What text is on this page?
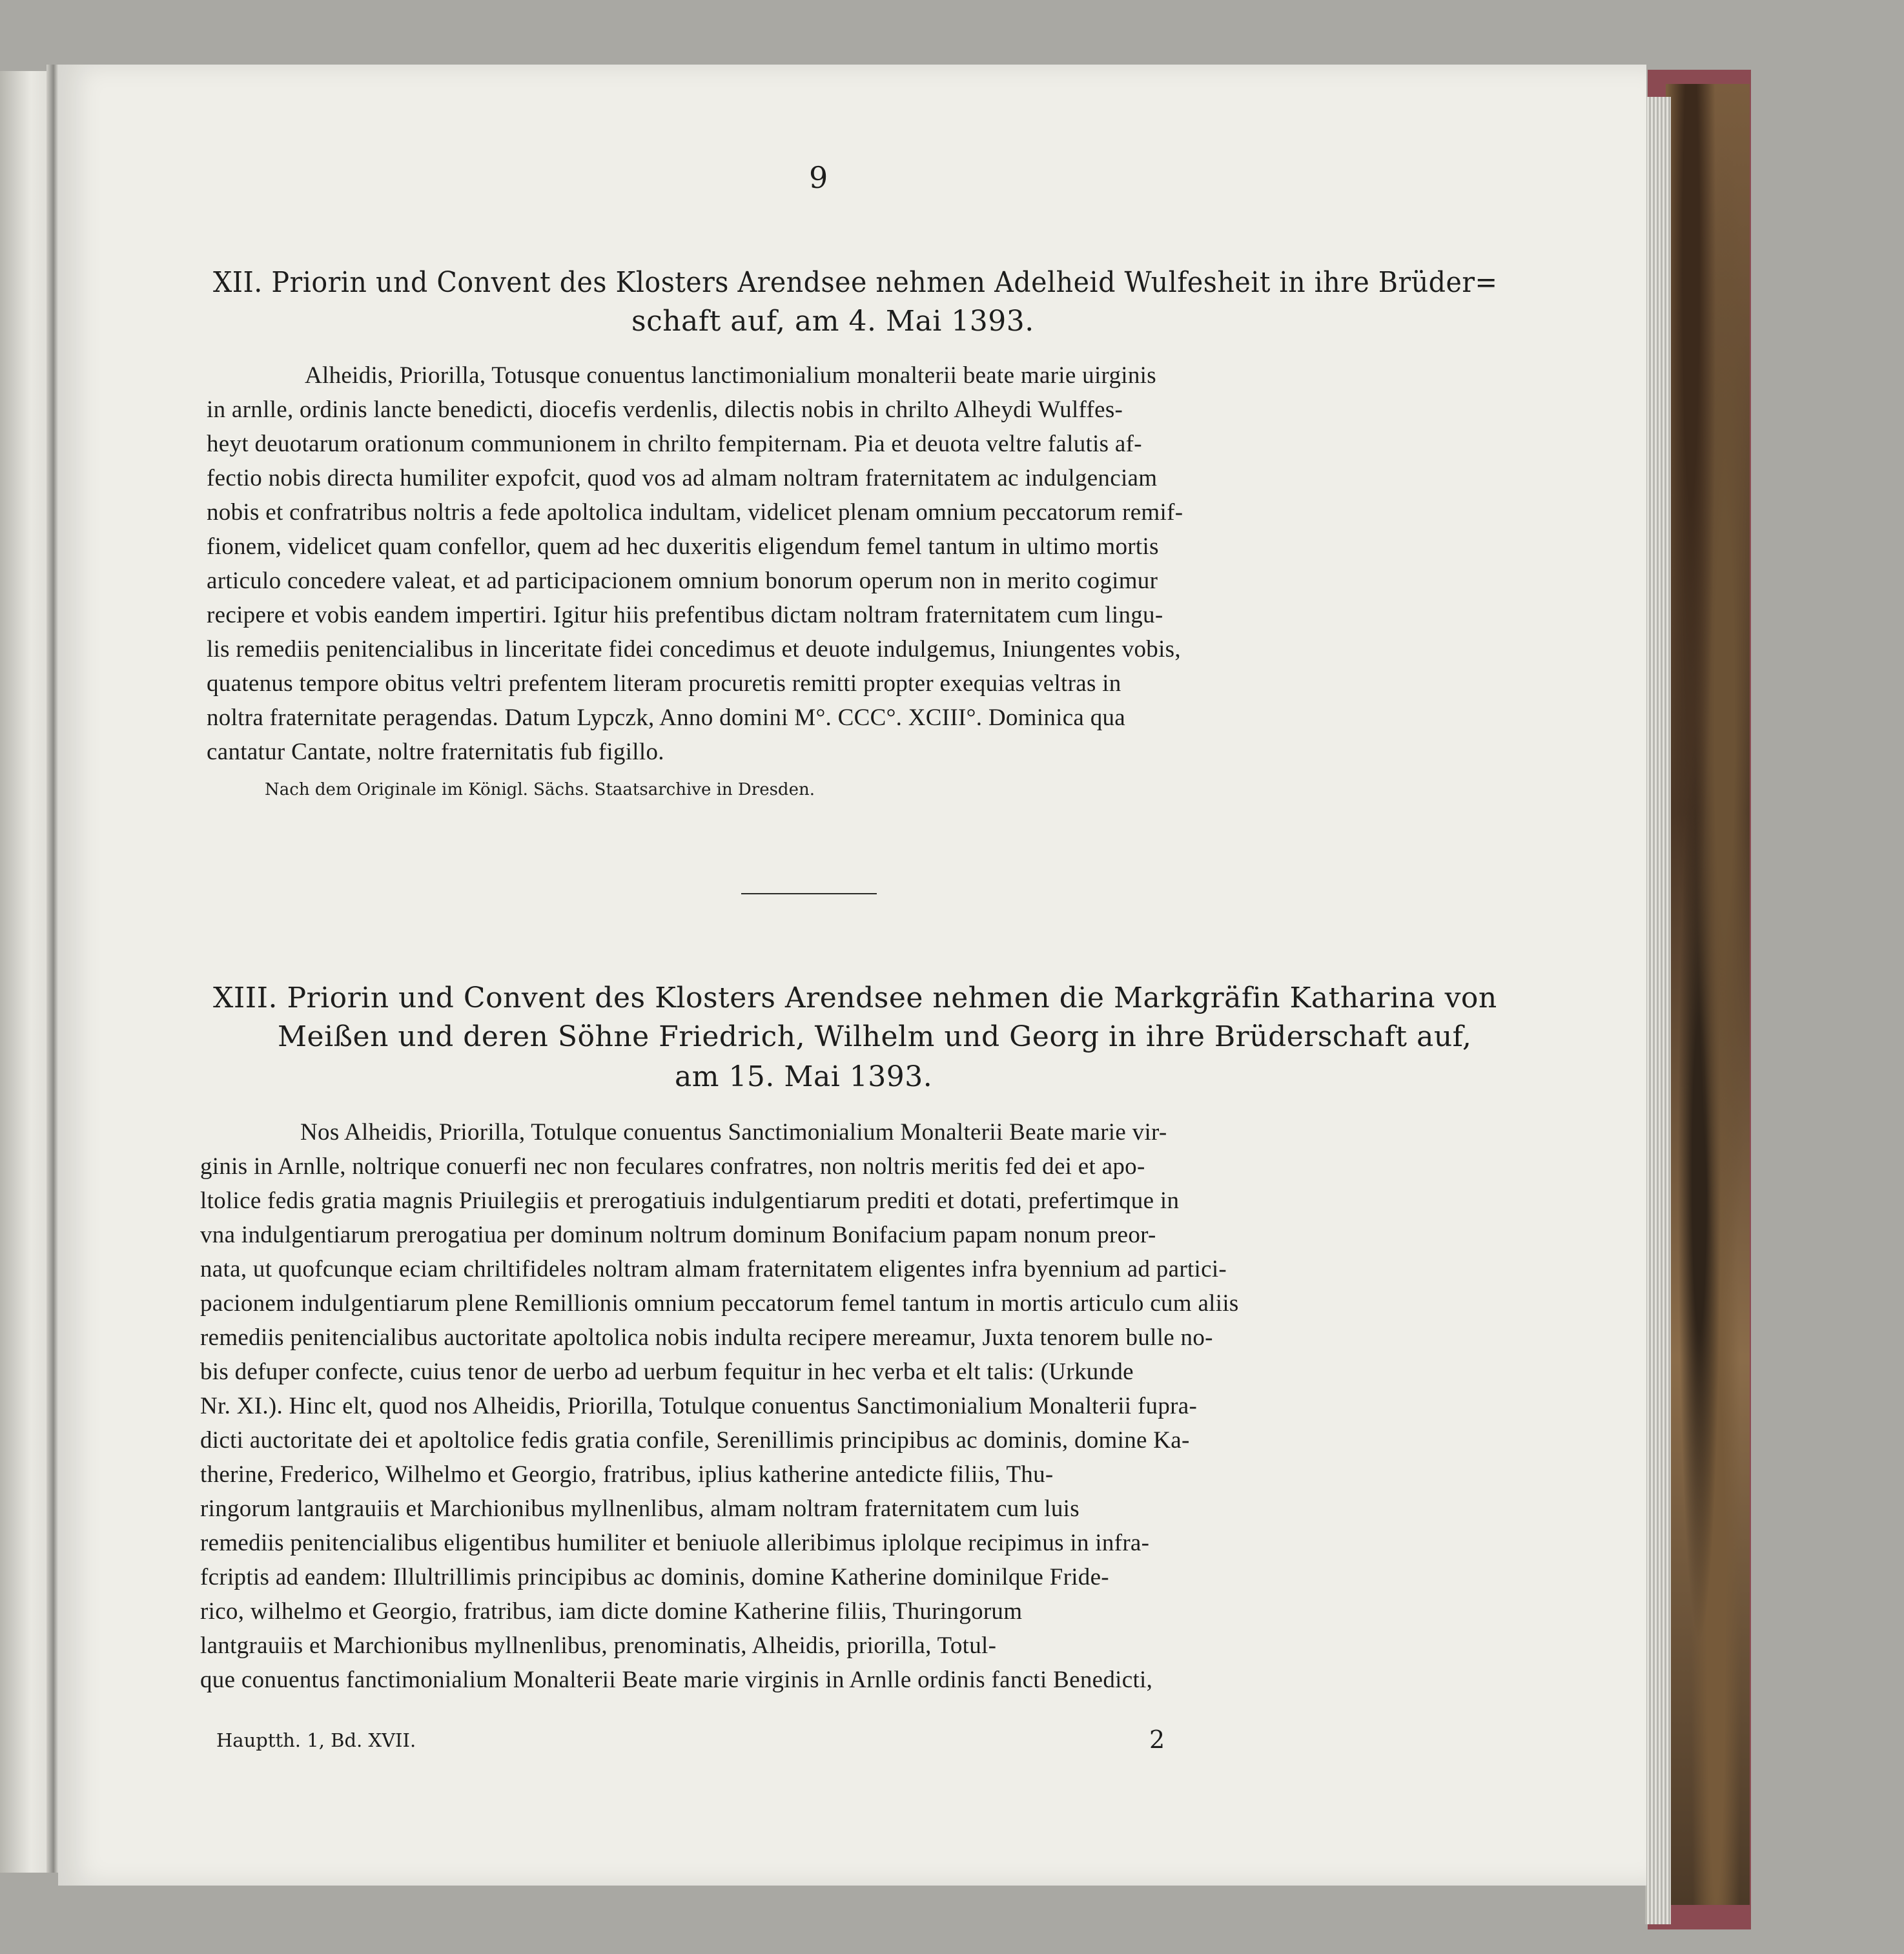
9
XII. Priorin und Convent des Klosters Arendsee nehmen Adelheid Wulfesheit in ihre Brüder=
schaft auf, am 4. Mai 1393.
Alheidis, Priorilla, Totusque conuentus lanctimonialium monalterii beate marie uirginis
in arnlle, ordinis lancte benedicti, diocefis verdenlis, dilectis nobis in chrilto Alheydi Wulffes-
heyt deuotarum orationum communionem in chrilto fempiternam. Pia et deuota veltre falutis af-
fectio nobis directa humiliter expofcit, quod vos ad almam noltram fraternitatem ac indulgenciam
nobis et confratribus noltris a fede apoltolica indultam, videlicet plenam omnium peccatorum remif-
fionem, videlicet quam confellor, quem ad hec duxeritis eligendum femel tantum in ultimo mortis
articulo concedere valeat, et ad participacionem omnium bonorum operum non in merito cogimur
recipere et vobis eandem impertiri. Igitur hiis prefentibus dictam noltram fraternitatem cum lingu-
lis remediis penitencialibus in linceritate fidei concedimus et deuote indulgemus, Iniungentes vobis,
quatenus tempore obitus veltri prefentem literam procuretis remitti propter exequias veltras in
noltra fraternitate peragendas. Datum Lypczk, Anno domini M°. CCC°. XCIII°. Dominica qua
cantatur Cantate, noltre fraternitatis fub figillo.
Nach dem Originale im Königl. Sächs. Staatsarchive in Dresden.
XIII. Priorin und Convent des Klosters Arendsee nehmen die Markgräfin Katharina von
Meißen und deren Söhne Friedrich, Wilhelm und Georg in ihre Brüderschaft auf,
am 15. Mai 1393.
Nos Alheidis, Priorilla, Totulque conuentus Sanctimonialium Monalterii Beate marie vir-
ginis in Arnlle, noltrique conuerfi nec non feculares confratres, non noltris meritis fed dei et apo-
ltolice fedis gratia magnis Priuilegiis et prerogatiuis indulgentiarum prediti et dotati, prefertimque in
vna indulgentiarum prerogatiua per dominum noltrum dominum Bonifacium papam nonum preor-
nata, ut quofcunque eciam chriltifideles noltram almam fraternitatem eligentes infra byennium ad partici-
pacionem indulgentiarum plene Remillionis omnium peccatorum femel tantum in mortis articulo cum aliis
remediis penitencialibus auctoritate apoltolica nobis indulta recipere mereamur, Juxta tenorem bulle no-
bis defuper confecte, cuius tenor de uerbo ad uerbum fequitur in hec verba et elt talis: (Urkunde
Nr. XI.). Hinc elt, quod nos Alheidis, Priorilla, Totulque conuentus Sanctimonialium Monalterii fupra-
dicti auctoritate dei et apoltolice fedis gratia confile, Serenillimis principibus ac dominis, domine Ka-
therine, Frederico, Wilhelmo et Georgio, fratribus, iplius katherine antedicte filiis, Thu-
ringorum lantgrauiis et Marchionibus myllnenlibus, almam noltram fraternitatem cum luis
remediis penitencialibus eligentibus humiliter et beniuole alleribimus iplolque recipimus in infra-
fcriptis ad eandem: Illultrillimis principibus ac dominis, domine Katherine dominilque Fride-
rico, wilhelmo et Georgio, fratribus, iam dicte domine Katherine filiis, Thuringorum
lantgrauiis et Marchionibus myllnenlibus, prenominatis, Alheidis, priorilla, Totul-
que conuentus fanctimonialium Monalterii Beate marie virginis in Arnlle ordinis fancti Benedicti,
Hauptth. 1, Bd. XVII.	2
